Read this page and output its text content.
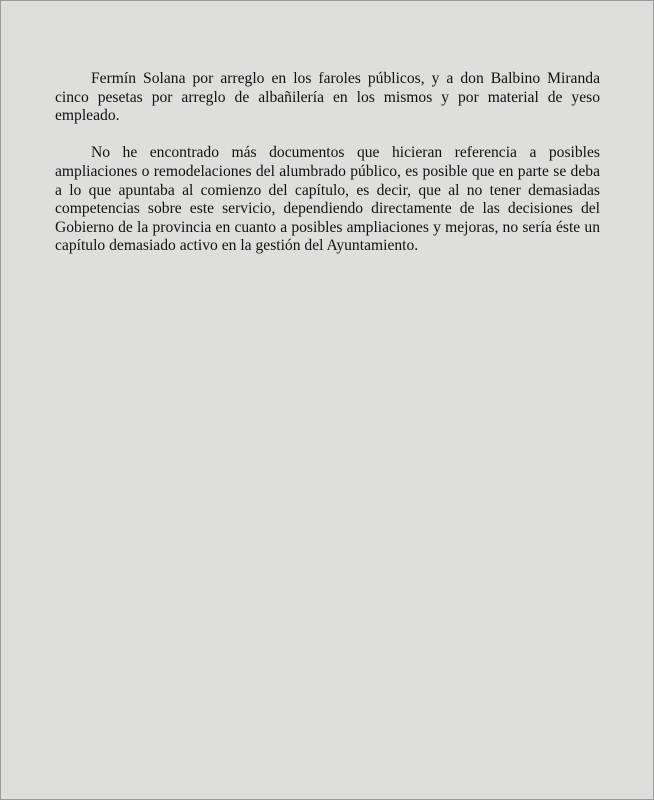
Fermín Solana por arreglo en los faroles públicos, y a don Balbino Miranda cinco pesetas por arreglo de albañilería en los mismos y por material de yeso empleado.

No he encontrado más documentos que hicieran referencia a posibles ampliaciones o remodelaciones del alumbrado público, es posible que en parte se deba a lo que apuntaba al comienzo del capítulo, es decir, que al no tener demasiadas competencias sobre este servicio, dependiendo directamente de las decisiones del Gobierno de la provincia en cuanto a posibles ampliaciones y mejoras, no sería éste un capítulo demasiado activo en la gestión del Ayuntamiento.
